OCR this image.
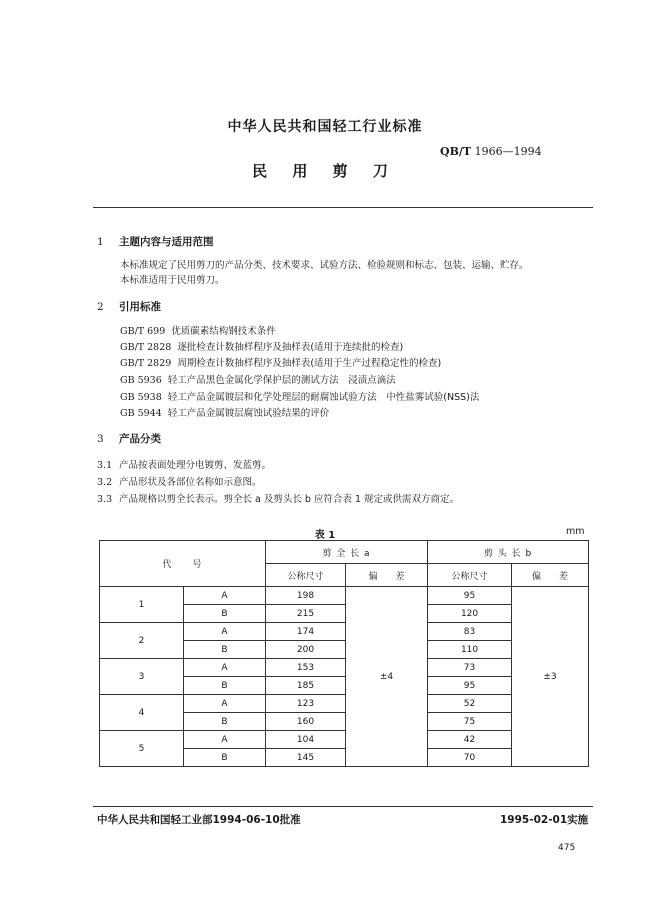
中华人民共和国轻工行业标准
QB/T 1966—1994
民 用 剪 刀
1 主题内容与适用范围
本标准规定了民用剪刀的产品分类、技术要求、试验方法、检验规则和标志、包装、运输、贮存。
本标准适用于民用剪刀。
2 引用标准
GB/T 699 优质碳素结构钢技术条件
GB/T 2828 逐批检查计数抽样程序及抽样表(适用于连续批的检查)
GB/T 2829 周期检查计数抽样程序及抽样表(适用于生产过程稳定性的检查)
GB 5936 轻工产品黑色金属化学保护层的测试方法　浸渍点滴法
GB 5938 轻工产品金属镀层和化学处理层的耐腐蚀试验方法　中性盐雾试验(NSS)法
GB 5944 轻工产品金属镀层腐蚀试验结果的评价
3 产品分类
3.1 产品按表面处理分电镀剪、发蓝剪。
3.2 产品形状及各部位名称如示意图。
3.3 产品规格以剪全长表示。剪全长 a 及剪头长 b 应符合表 1 规定或供需双方商定。
表 1	mm
代　　号		剪 全 长 a		剪 头 长 b	
		公称尺寸	偏　　差	公称尺寸	偏　　差
1	A	198	±4	95	±3
	B	215		120	
2	A	174		83	
	B	200		110	
3	A	153		73	
	B	185		95	
4	A	123		52	
	B	160		75	
5	A	104		42	
	B	145		70	
中华人民共和国轻工业部1994-06-10批准	1995-02-01实施
475
